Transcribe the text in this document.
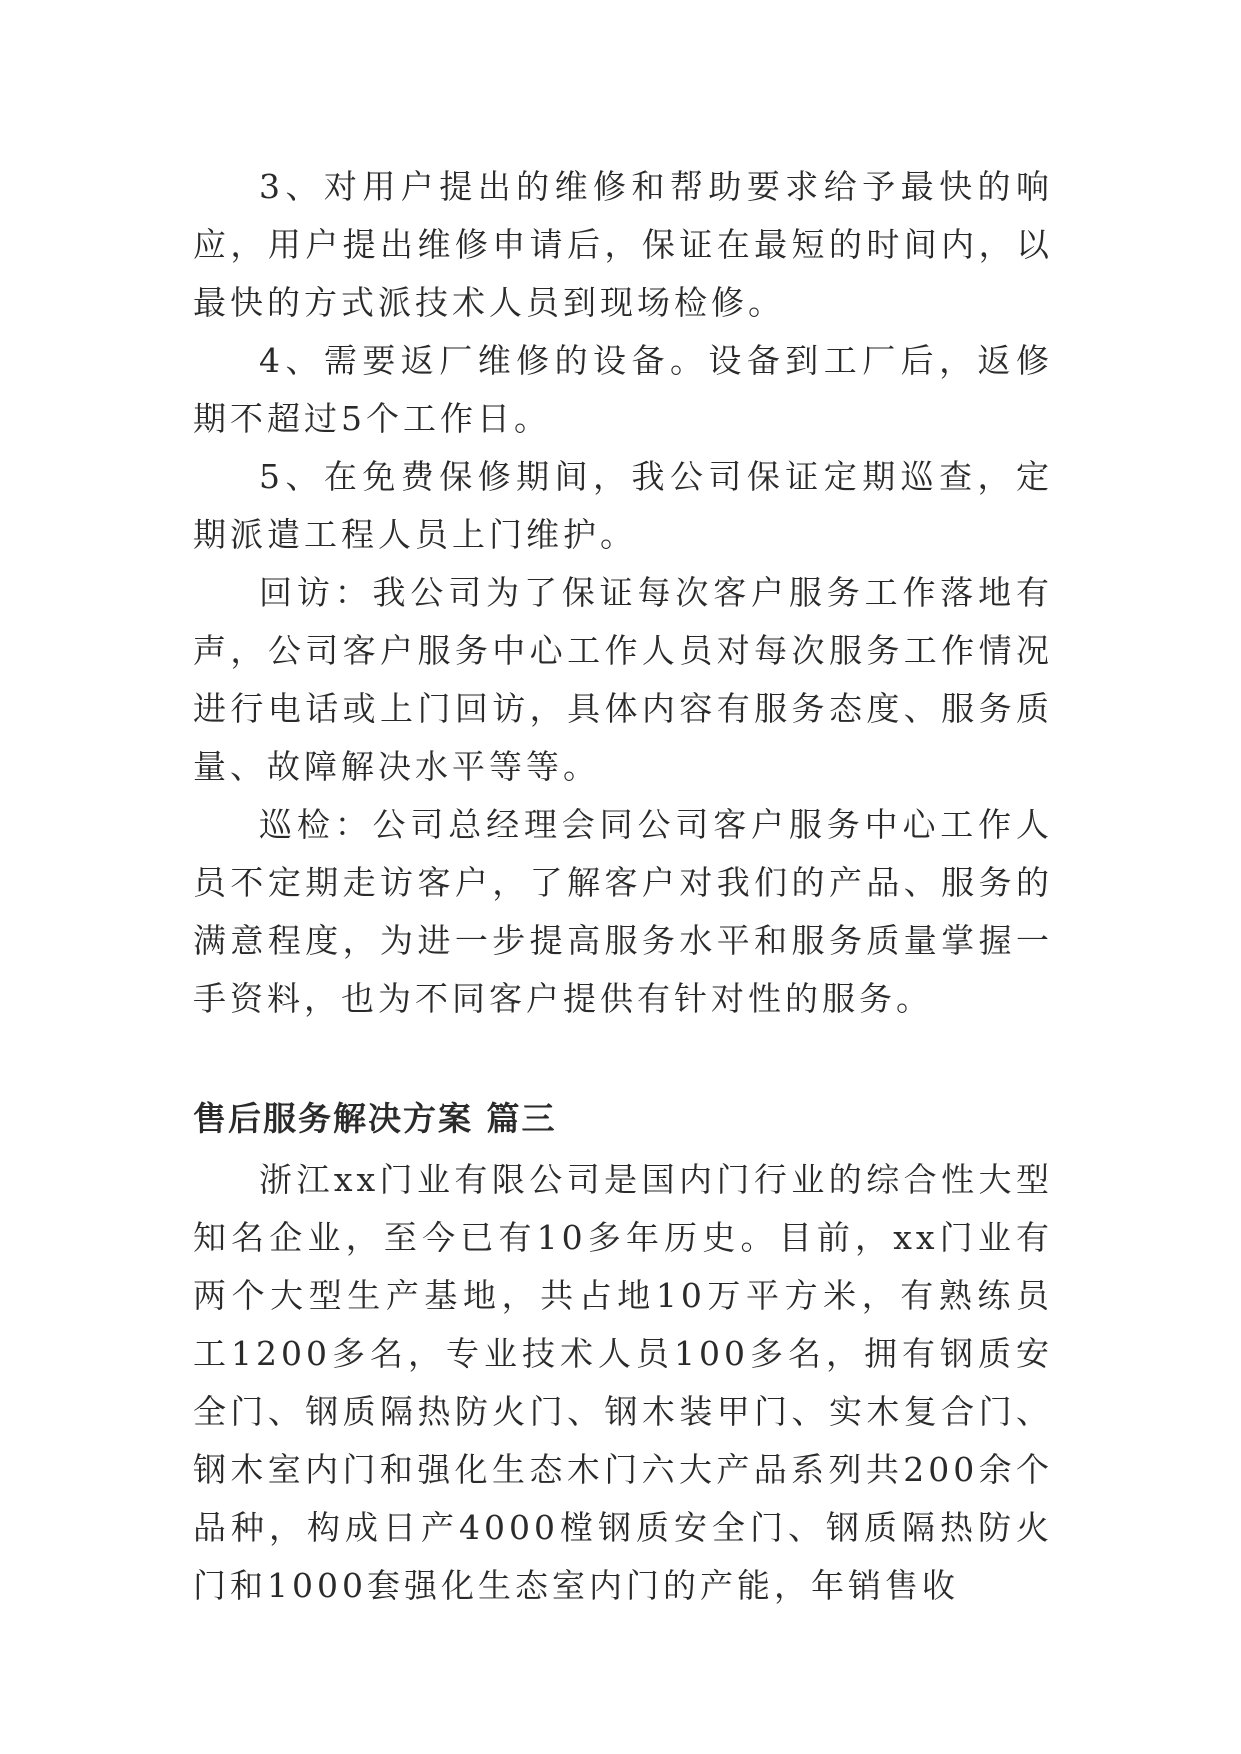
3、对用户提出的维修和帮助要求给予最快的响应，用户提出维修申请后，保证在最短的时间内，以最快的方式派技术人员到现场检修。

4、需要返厂维修的设备。设备到工厂后，返修期不超过5个工作日。

5、在免费保修期间，我公司保证定期巡查，定期派遣工程人员上门维护。

回访：我公司为了保证每次客户服务工作落地有声，公司客户服务中心工作人员对每次服务工作情况进行电话或上门回访，具体内容有服务态度、服务质量、故障解决水平等等。

巡检：公司总经理会同公司客户服务中心工作人员不定期走访客户，了解客户对我们的产品、服务的满意程度，为进一步提高服务水平和服务质量掌握一手资料，也为不同客户提供有针对性的服务。

售后服务解决方案 篇三

浙江xx门业有限公司是国内门行业的综合性大型知名企业，至今已有10多年历史。目前，xx门业有两个大型生产基地，共占地10万平方米，有熟练员工1200多名，专业技术人员100多名，拥有钢质安全门、钢质隔热防火门、钢木装甲门、实木复合门、钢木室内门和强化生态木门六大产品系列共200余个品种，构成日产4000樘钢质安全门、钢质隔热防火门和1000套强化生态室内门的产能，年销售收
